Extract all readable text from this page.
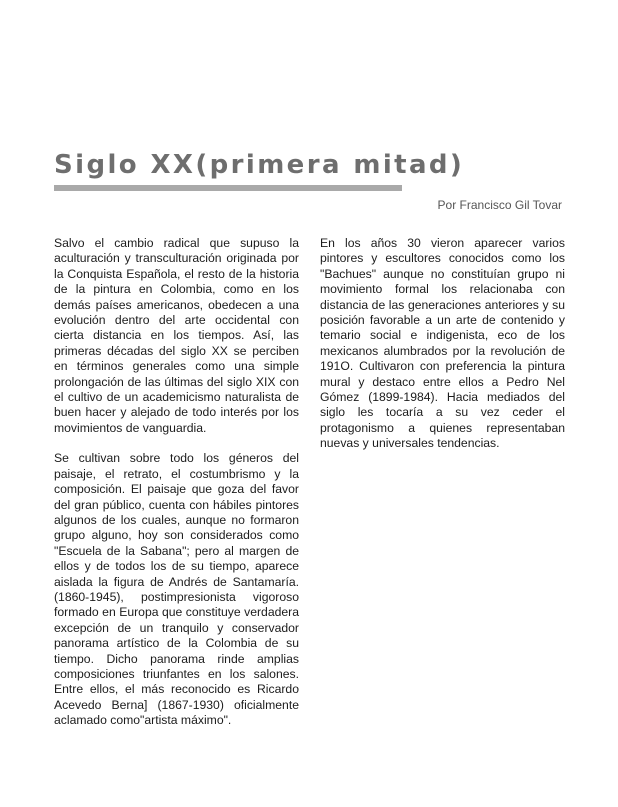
Siglo XX(primera mitad)
Por Francisco Gil Tovar

Salvo el cambio radical que supuso la aculturación y transculturación originada por la Conquista Española, el resto de la historia de la pintura en Colombia, como en los demás países americanos, obedecen a una evolución dentro del arte occidental con cierta distancia en los tiempos. Así, las primeras décadas del siglo XX se perciben en términos generales como una simple prolongación de las últimas del siglo XIX con el cultivo de un academicismo naturalista de buen hacer y alejado de todo interés por los movimientos de vanguardia.

Se cultivan sobre todo los géneros del paisaje, el retrato, el costumbrismo y la composición. El paisaje que goza del favor del gran público, cuenta con hábiles pintores algunos de los cuales, aunque no formaron grupo alguno, hoy son considerados como "Escuela de la Sabana"; pero al margen de ellos y de todos los de su tiempo, aparece aislada la figura de Andrés de Santamaría. (1860-1945), postimpresionista vigoroso formado en Europa que constituye verdadera excepción de un tranquilo y conservador panorama artístico de la Colombia de su tiempo. Dicho panorama rinde amplias composiciones triunfantes en los salones. Entre ellos, el más reconocido es Ricardo Acevedo Berna] (1867-1930) oficialmente aclamado como"artista máximo".

En los años 30 vieron aparecer varios pintores y escultores conocidos como los "Bachues" aunque no constituían grupo ni movimiento formal los relacionaba con distancia de las generaciones anteriores y su posición favorable a un arte de contenido y temario social e indigenista, eco de los mexicanos alumbrados por la revolución de 191O. Cultivaron con preferencia la pintura mural y destaco entre ellos a Pedro Nel Gómez (1899-1984). Hacia mediados del siglo les tocaría a su vez ceder el protagonismo a quienes representaban nuevas y universales tendencias.
